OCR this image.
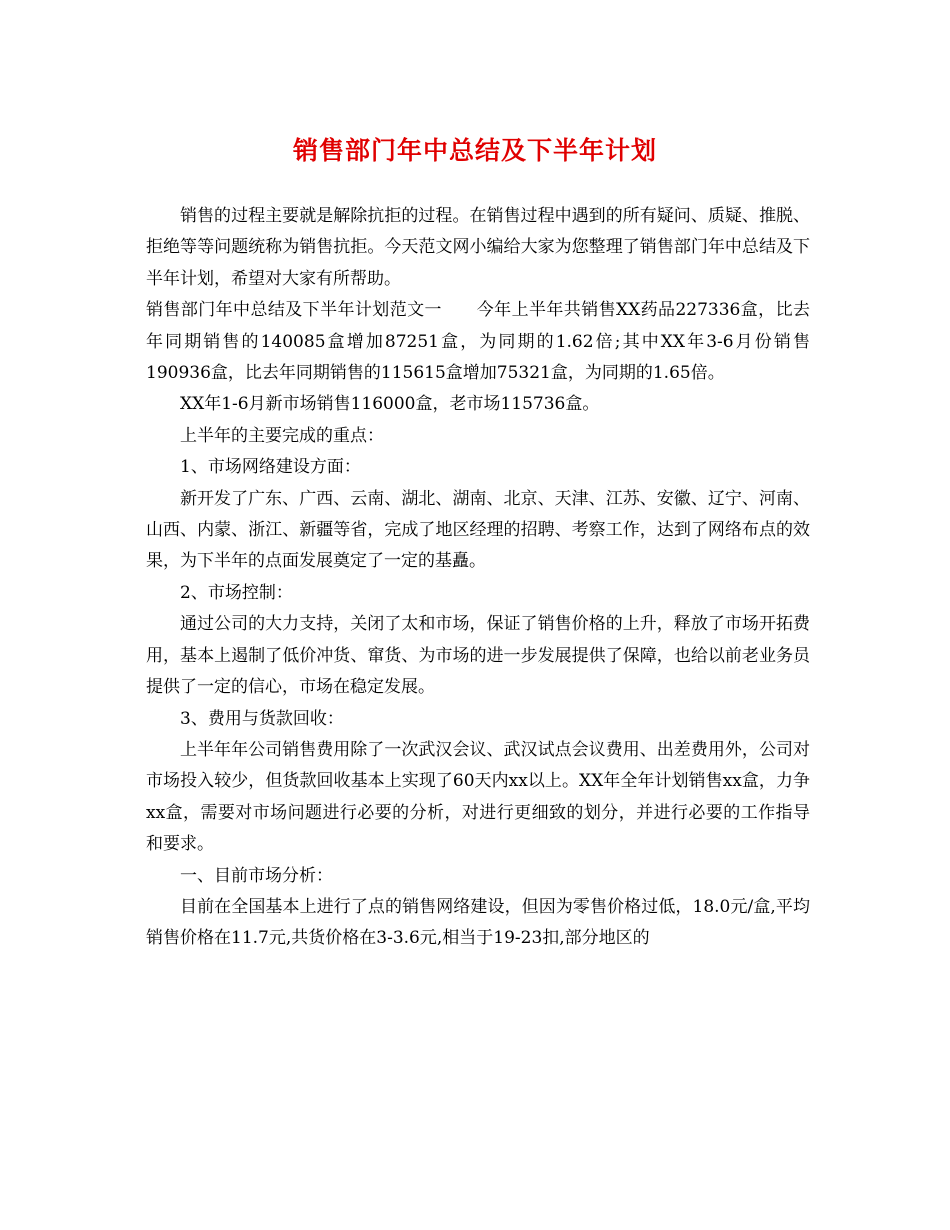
销售部门年中总结及下半年计划

销售的过程主要就是解除抗拒的过程。在销售过程中遇到的所有疑问、质疑、推脱、拒绝等等问题统称为销售抗拒。今天范文网小编给大家为您整理了销售部门年中总结及下半年计划，希望对大家有所帮助。

销售部门年中总结及下半年计划范文一　　今年上半年共销售XX药品227336盒，比去年同期销售的140085盒增加87251盒，为同期的1.62倍;其中XX年3-6月份销售190936盒，比去年同期销售的115615盒增加75321盒，为同期的1.65倍。

XX年1-6月新市场销售116000盒，老市场115736盒。

上半年的主要完成的重点：

1、市场网络建设方面：

新开发了广东、广西、云南、湖北、湖南、北京、天津、江苏、安徽、辽宁、河南、山西、内蒙、浙江、新疆等省，完成了地区经理的招聘、考察工作，达到了网络布点的效果，为下半年的点面发展奠定了一定的基矗。

2、市场控制：

通过公司的大力支持，关闭了太和市场，保证了销售价格的上升，释放了市场开拓费用，基本上遏制了低价冲货、窜货、为市场的进一步发展提供了保障，也给以前老业务员提供了一定的信心，市场在稳定发展。

3、费用与货款回收：

上半年年公司销售费用除了一次武汉会议、武汉试点会议费用、出差费用外，公司对市场投入较少，但货款回收基本上实现了60天内xx以上。XX年全年计划销售xx盒，力争xx盒，需要对市场问题进行必要的分析，对进行更细致的划分，并进行必要的工作指导和要求。

一、目前市场分析：

目前在全国基本上进行了点的销售网络建设，但因为零售价格过低，18.0元/盒,平均销售价格在11.7元,共货价格在3-3.6元,相当于19-23扣,部分地区的
